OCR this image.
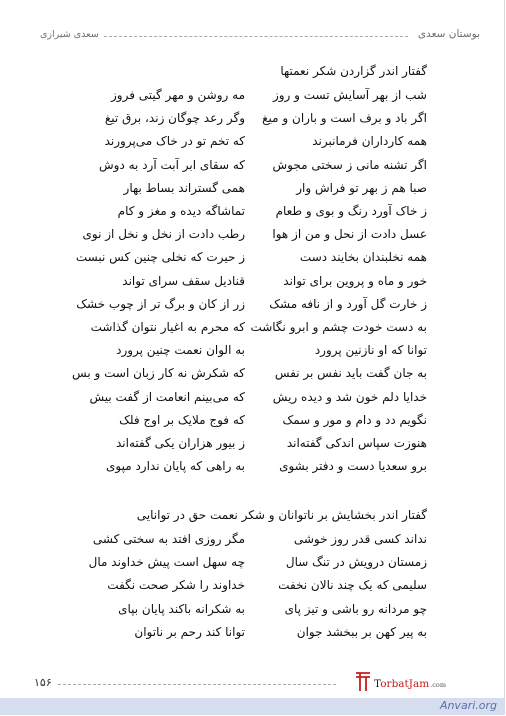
بوستان سعدی
سعدی شیرازی
گفتار اندر گزاردن شکر نعمتها
شب از بهر آسایش تست و روز
مه روشن و مهر گیتی فروز
اگر باد و برف است و باران و میغ
وگر رعد چوگان زند، برق تیغ
همه کارداران فرمانبرند
که تخم تو در خاک می‌پرورند
اگر تشنه مانی ز سختی مجوش
که سقای ابر آبت آرد به دوش
صبا هم ز بهر تو فراش وار
همی گستراند بساط بهار
ز خاک آورد رنگ و بوی و طعام
تماشاگه دیده و مغز و کام
عسل دادت از نحل و من از هوا
رطب دادت از نخل و نخل از نوی
همه نخلبندان بخایند دست
ز حیرت که نخلی چنین کس نبست
خور و ماه و پروین برای تواند
قنادیل سقف سرای تواند
ز خارت گل آورد و از نافه مشک
زر از کان و برگ تر از چوب خشک
به دست خودت چشم و ابرو نگاشت
که محرم به اغیار نتوان گذاشت
توانا که او نازنین پرورد
به الوان نعمت چنین پرورد
به جان گفت باید نفس بر نفس
که شکرش نه کار زبان است و بس
خدایا دلم خون شد و دیده ریش
که می‌بینم انعامت از گفت بیش
نگویم دد و دام و مور و سمک
که فوج ملایک بر اوج فلک
هنوزت سپاس اندکی گفته‌اند
ز بیور هزاران یکی گفته‌اند
برو سعدیا دست و دفتر بشوی
به راهی که پایان ندارد مپوی
گفتار اندر بخشایش بر ناتوانان و شکر نعمت حق در توانایی
نداند کسی قدر روز خوشی
مگر روزی افتد به سختی کشی
زمستان درویش در تنگ سال
چه سهل است پیش خداوند مال
سلیمی که یک چند نالان نخفت
خداوند را شکر صحت نگفت
چو مردانه رو باشی و تیز پای
به شکرانه باکند پایان بپای
به پیر کهن بر ببخشد جوان
توانا کند رحم بر ناتوان
۱۵۶	TorbatJam.com
Anvari.org
